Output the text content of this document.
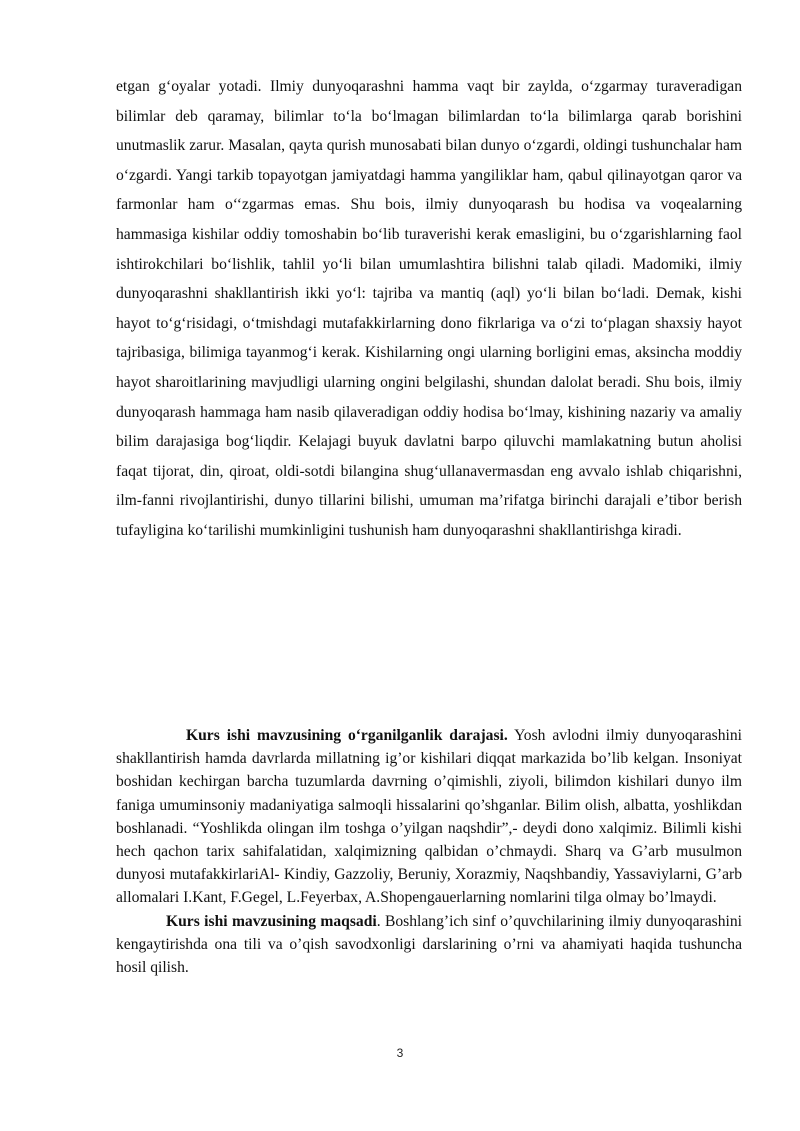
etgan g‘oyalar yotadi. Ilmiy dunyoqarashni hamma vaqt bir zaylda, o‘zgarmay turaveradigan bilimlar deb qaramay, bilimlar to‘la bo‘lmagan bilimlardan to‘la bilimlarga qarab borishini unutmaslik zarur. Masalan, qayta qurish munosabati bilan dunyo o‘zgardi, oldingi tushunchalar ham o‘zgardi. Yangi tarkib topayotgan jamiyatdagi hamma yangiliklar ham, qabul qilinayotgan qaror va farmonlar ham o‘‘zgarmas emas. Shu bois, ilmiy dunyoqarash bu hodisa va voqealarning hammasiga kishilar oddiy tomoshabin bo‘lib turaverishi kerak emasligini, bu o‘zgarishlarning faol ishtirokchilari bo‘lishlik, tahlil yo‘li bilan umumlashtira bilishni talab qiladi. Madomiki, ilmiy dunyoqarashni shakllantirish ikki yo‘l: tajriba va mantiq (aql) yo‘li bilan bo‘ladi. Demak, kishi hayot to‘g‘risidagi, o‘tmishdagi mutafakkirlarning dono fikrlariga va o‘zi to‘plagan shaxsiy hayot tajribasiga, bilimiga tayanmog‘i kerak. Kishilarning ongi ularning borligini emas, aksincha moddiy hayot sharoitlarining mavjudligi ularning ongini belgilashi, shundan dalolat beradi. Shu bois, ilmiy dunyoqarash hammaga ham nasib qilaveradigan oddiy hodisa bo‘lmay, kishining nazariy va amaliy bilim darajasiga bog‘liqdir. Kelajagi buyuk davlatni barpo qiluvchi mamlakatning butun aholisi faqat tijorat, din, qiroat, oldi-sotdi bilangina shug‘ullanavermasdan eng avvalo ishlab chiqarishni, ilm-fanni rivojlantirishi, dunyo tillarini bilishi, umuman ma’rifatga birinchi darajali e’tibor berish tufayligina ko‘tarilishi mumkinligini tushunish ham dunyoqarashni shakllantirishga kiradi.

Kurs ishi mavzusining o‘rganilganlik darajasi. Yosh avlodni ilmiy dunyoqarashini shakllantirish hamda davrlarda millatning ig’or kishilari diqqat markazida bo’lib kelgan. Insoniyat boshidan kechirgan barcha tuzumlarda davrning o’qimishli, ziyoli, bilimdon kishilari dunyo ilm faniga umuminsoniy madaniyatiga salmoqli hissalarini qo’shganlar. Bilim olish, albatta, yoshlikdan boshlanadi. “Yoshlikda olingan ilm toshga o’yilgan naqshdir”,- deydi dono xalqimiz. Bilimli kishi hech qachon tarix sahifalatidan, xalqimizning qalbidan o’chmaydi. Sharq va G’arb musulmon dunyosi mutafakkirlariAl- Kindiy, Gazzoliy, Beruniy, Xorazmiy, Naqshbandiy, Yassaviylarni, G’arb allomalari I.Kant, F.Gegel, L.Feyerbax, A.Shopengauerlarning nomlarini tilga olmay bo’lmaydi.

Kurs ishi mavzusining maqsadi. Boshlang’ich sinf o’quvchilarining ilmiy dunyoqarashini kengaytirishda ona tili va o’qish savodxonligi darslarining o’rni va ahamiyati haqida tushuncha hosil qilish.

3
